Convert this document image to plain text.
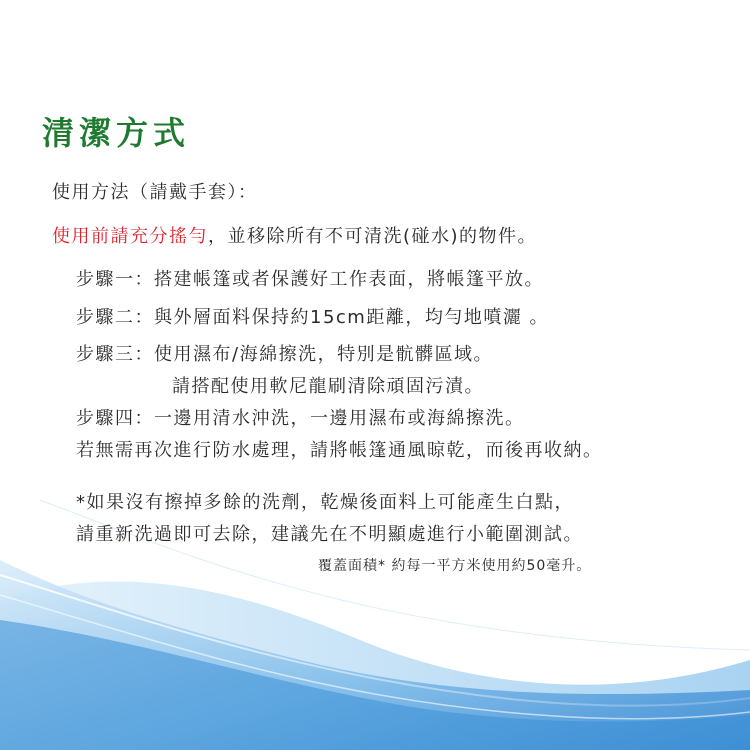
清潔方式
使用方法（請戴手套）：
使用前請充分搖勻，並移除所有不可清洗(碰水)的物件。
步驟一：搭建帳篷或者保護好工作表面，將帳篷平放。
步驟二：與外層面料保持約15cm距離，均勻地噴灑 。
步驟三：使用濕布/海綿擦洗，特別是骯髒區域。
請搭配使用軟尼龍刷清除頑固污漬。
步驟四：一邊用清水沖洗，一邊用濕布或海綿擦洗。
若無需再次進行防水處理，請將帳篷通風晾乾，而後再收納。
*如果沒有擦掉多餘的洗劑，乾燥後面料上可能產生白點，
請重新洗過即可去除，建議先在不明顯處進行小範圍測試。
覆蓋面積* 約每一平方米使用約50毫升。
